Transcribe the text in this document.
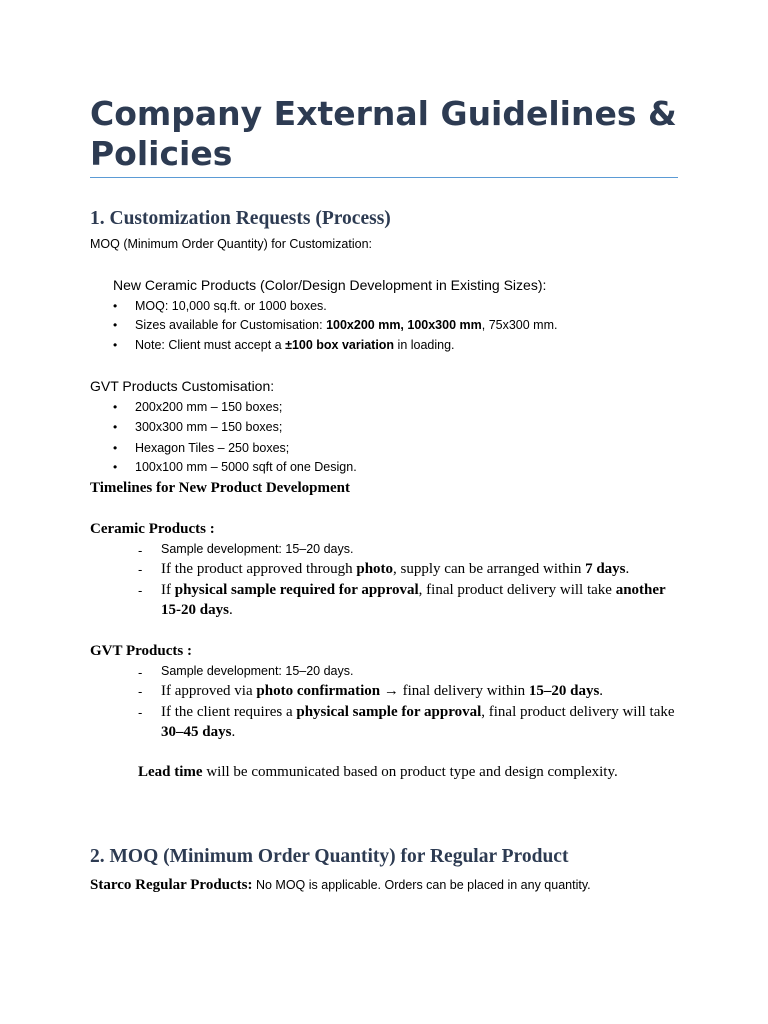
Company External Guidelines & Policies
1. Customization Requests (Process)
MOQ (Minimum Order Quantity) for Customization:
New Ceramic Products (Color/Design Development in Existing Sizes):
• MOQ: 10,000 sq.ft. or 1000 boxes.
• Sizes available for Customisation: 100x200 mm, 100x300 mm, 75x300 mm.
• Note: Client must accept a ±100 box variation in loading.
GVT Products Customisation:
• 200x200 mm – 150 boxes;
• 300x300 mm – 150 boxes;
• Hexagon Tiles – 250 boxes;
• 100x100 mm – 5000 sqft of one Design.
Timelines for New Product Development
Ceramic Products :
- Sample development: 15–20 days.
- If the product approved through photo, supply can be arranged within 7 days.
- If physical sample required for approval, final product delivery will take another
15-20 days.
GVT Products :
- Sample development: 15–20 days.
- If approved via photo confirmation → final delivery within 15–20 days.
- If the client requires a physical sample for approval, final product delivery will take
30–45 days.
Lead time will be communicated based on product type and design complexity.
2. MOQ (Minimum Order Quantity) for Regular Product
Starco Regular Products: No MOQ is applicable. Orders can be placed in any quantity.
